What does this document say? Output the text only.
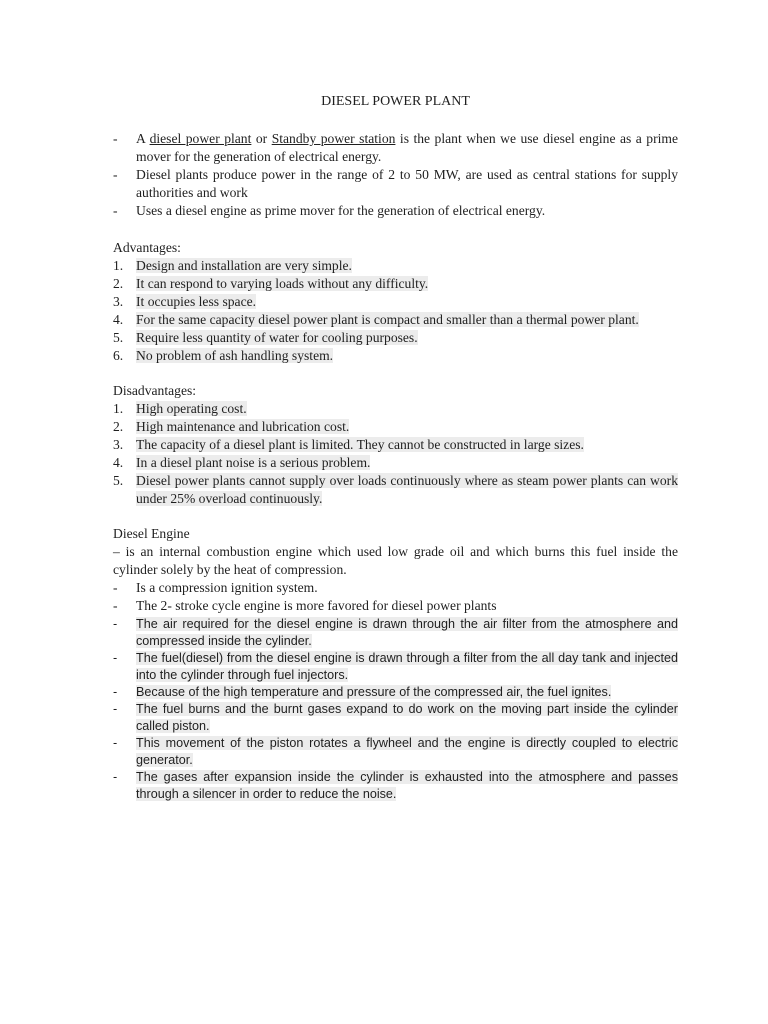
DIESEL POWER PLANT
-	A diesel power plant or Standby power station is the plant when we use diesel engine as a prime mover for the generation of electrical energy.
-	Diesel plants produce power in the range of 2 to 50 MW, are used as central stations for supply authorities and work
-	Uses a diesel engine as prime mover for the generation of electrical energy.
Advantages:
1. Design and installation are very simple.
2. It can respond to varying loads without any difficulty.
3. It occupies less space.
4. For the same capacity diesel power plant is compact and smaller than a thermal power plant.
5. Require less quantity of water for cooling purposes.
6. No problem of ash handling system.
Disadvantages:
1. High operating cost.
2. High maintenance and lubrication cost.
3. The capacity of a diesel plant is limited. They cannot be constructed in large sizes.
4. In a diesel plant noise is a serious problem.
5. Diesel power plants cannot supply over loads continuously where as steam power plants can work under 25% overload continuously.
Diesel Engine
– is an internal combustion engine which used low grade oil and which burns this fuel inside the cylinder solely by the heat of compression.
-	Is a compression ignition system.
-	The 2- stroke cycle engine is more favored for diesel power plants
-	The air required for the diesel engine is drawn through the air filter from the atmosphere and compressed inside the cylinder.
-	The fuel(diesel) from the diesel engine is drawn through a filter from the all day tank and injected into the cylinder through fuel injectors.
-	Because of the high temperature and pressure of the compressed air, the fuel ignites.
-	The fuel burns and the burnt gases expand to do work on the moving part inside the cylinder called piston.
-	This movement of the piston rotates a flywheel and the engine is directly coupled to electric generator.
-	The gases after expansion inside the cylinder is exhausted into the atmosphere and passes through a silencer in order to reduce the noise.
